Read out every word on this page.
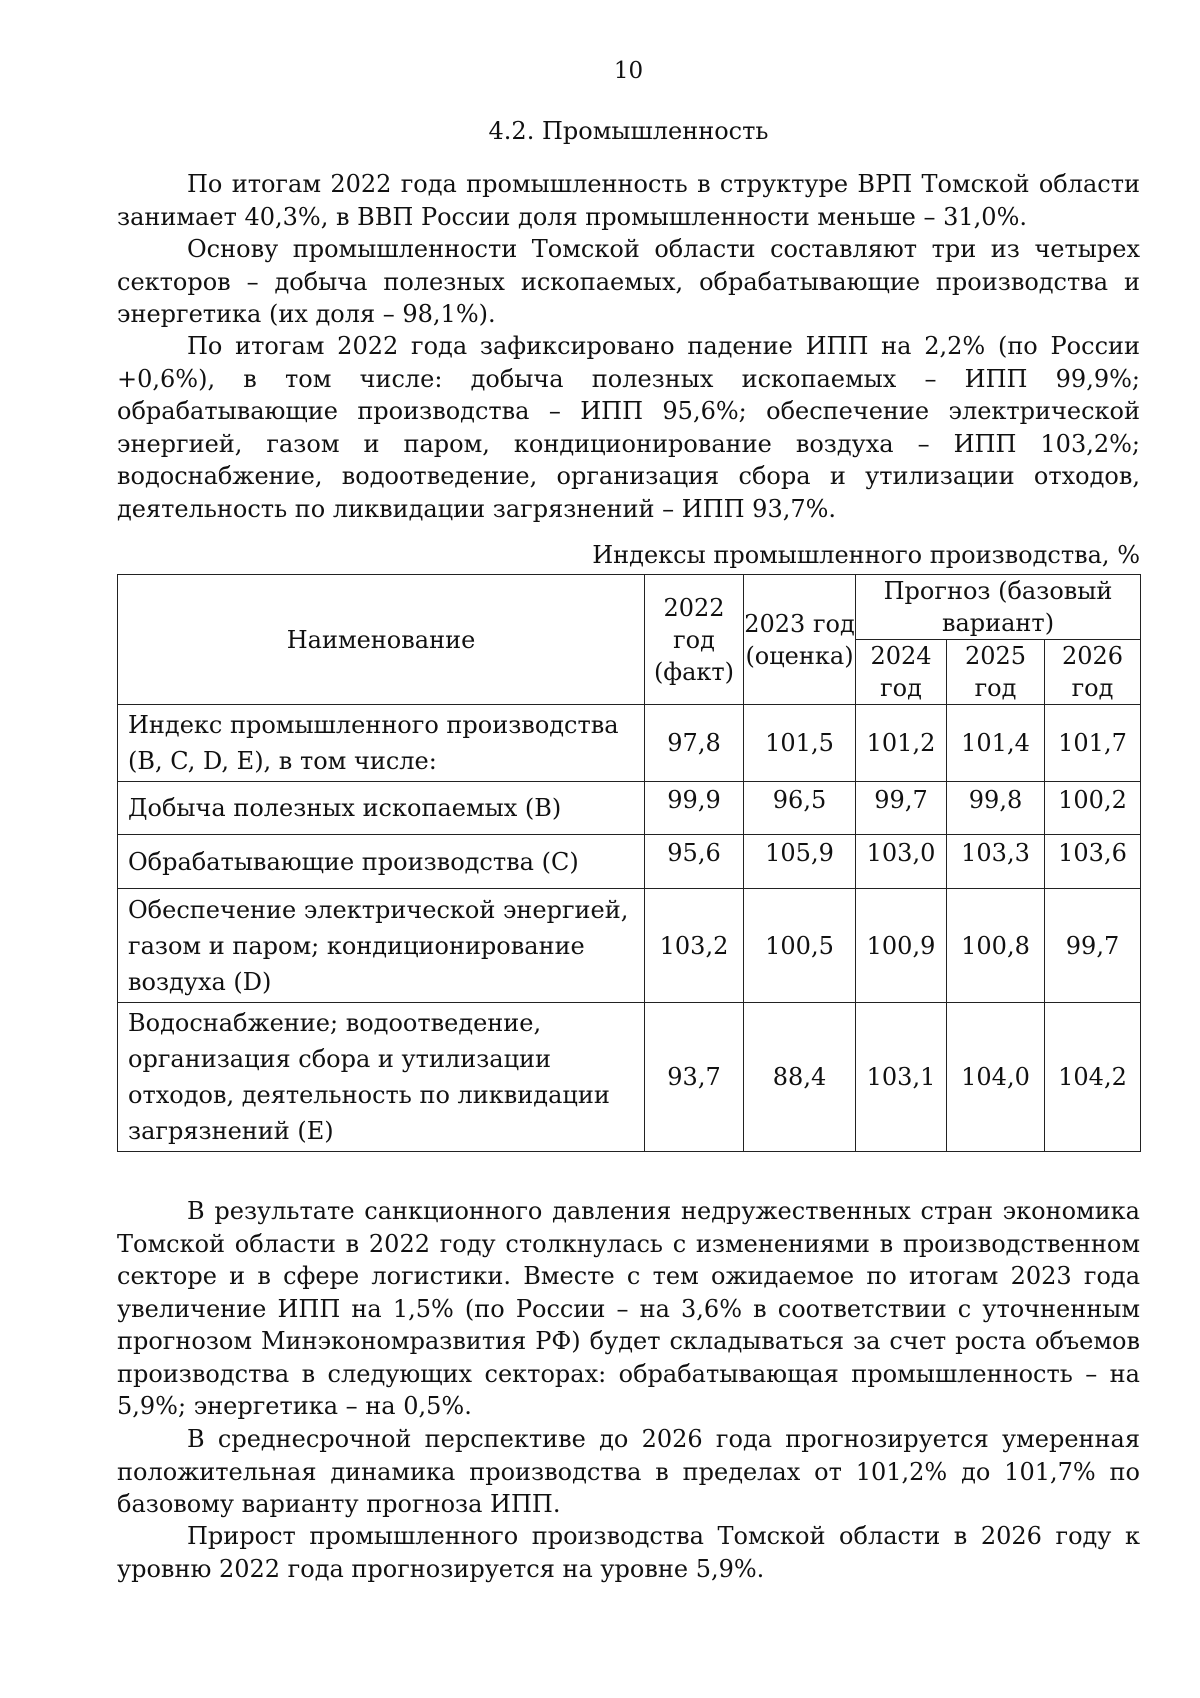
10
4.2. Промышленность

По итогам 2022 года промышленность в структуре ВРП Томской области занимает 40,3%, в ВВП России доля промышленности меньше – 31,0%.

Основу промышленности Томской области составляют три из четырех секторов – добыча полезных ископаемых, обрабатывающие производства и энергетика (их доля – 98,1%).

По итогам 2022 года зафиксировано падение ИПП на 2,2% (по России +0,6%), в том числе: добыча полезных ископаемых – ИПП 99,9%; обрабатывающие производства – ИПП 95,6%; обеспечение электрической энергией, газом и паром, кондиционирование воздуха – ИПП 103,2%; водоснабжение, водоотведение, организация сбора и утилизации отходов, деятельность по ликвидации загрязнений – ИПП 93,7%.

Индексы промышленного производства, %
Наименование	2022 год (факт)	2023 год (оценка)	Прогноз (базовый вариант)		
			2024 год	2025 год	2026 год
Индекс промышленного производства (B, C, D, E), в том числе:	97,8	101,5	101,2	101,4	101,7
Добыча полезных ископаемых (B)	99,9	96,5	99,7	99,8	100,2
Обрабатывающие производства (C)	95,6	105,9	103,0	103,3	103,6
Обеспечение электрической энергией, газом и паром; кондиционирование воздуха (D)	103,2	100,5	100,9	100,8	99,7
Водоснабжение; водоотведение, организация сбора и утилизации отходов, деятельность по ликвидации загрязнений (E)	93,7	88,4	103,1	104,0	104,2

В результате санкционного давления недружественных стран экономика Томской области в 2022 году столкнулась с изменениями в производственном секторе и в сфере логистики. Вместе с тем ожидаемое по итогам 2023 года увеличение ИПП на 1,5% (по России – на 3,6% в соответствии с уточненным прогнозом Минэкономразвития РФ) будет складываться за счет роста объемов производства в следующих секторах: обрабатывающая промышленность – на 5,9%; энергетика – на 0,5%.

В среднесрочной перспективе до 2026 года прогнозируется умеренная положительная динамика производства в пределах от 101,2% до 101,7% по базовому варианту прогноза ИПП.

Прирост промышленного производства Томской области в 2026 году к уровню 2022 года прогнозируется на уровне 5,9%.
